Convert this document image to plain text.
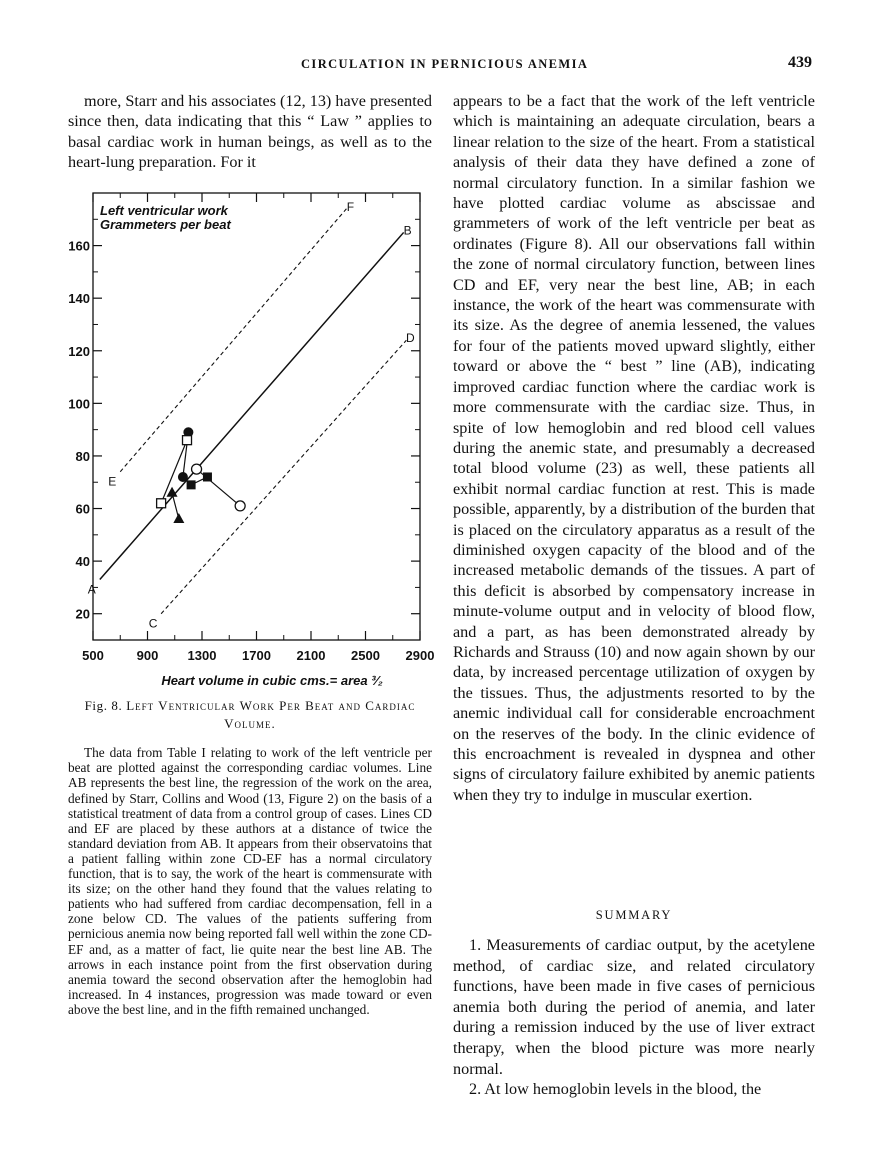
CIRCULATION IN PERNICIOUS ANEMIA	439

more, Starr and his associates (12, 13) have presented since then, data indicating that this “ Law ” applies to basal cardiac work in human beings, as well as to the heart-lung preparation. For it

500	900 1300 1700 2100 2500 2900
20
40
60
80
100
120
140
160
A
B
C
D
E
F
Left ventricular work
Grammeters per beat
Heart volume in cubic cms.= area ³⁄₂
Fig. 8. Left Ventricular Work Per Beat and Cardiac Volume.

The data from Table I relating to work of the left ventricle per beat are plotted against the corresponding cardiac volumes. Line AB represents the best line, the regression of the work on the area, defined by Starr, Collins and Wood (13, Figure 2) on the basis of a statistical treatment of data from a control group of cases. Lines CD and EF are placed by these authors at a distance of twice the standard deviation from AB. It appears from their observatoins that a patient falling within zone CD-EF has a normal circulatory function, that is to say, the work of the heart is commensurate with its size; on the other hand they found that the values relating to patients who had suffered from cardiac decompensation, fell in a zone below CD. The values of the patients suffering from pernicious anemia now being reported fall well within the zone CD-EF and, as a matter of fact, lie quite near the best line AB. The arrows in each instance point from the first observation during anemia toward the second observation after the hemoglobin had increased. In 4 instances, progression was made toward or even above the best line, and in the fifth remained unchanged.

appears to be a fact that the work of the left ventricle which is maintaining an adequate circulation, bears a linear relation to the size of the heart. From a statistical analysis of their data they have defined a zone of normal circulatory function. In a similar fashion we have plotted cardiac volume as abscissae and grammeters of work of the left ventricle per beat as ordinates (Figure 8). All our observations fall within the zone of normal circulatory function, between lines CD and EF, very near the best line, AB; in each instance, the work of the heart was commensurate with its size. As the degree of anemia lessened, the values for four of the patients moved upward slightly, either toward or above the “ best ” line (AB), indicating improved cardiac function where the cardiac work is more commensurate with the cardiac size. Thus, in spite of low hemoglobin and red blood cell values during the anemic state, and presumably a decreased total blood volume (23) as well, these patients all exhibit normal cardiac function at rest. This is made possible, apparently, by a distribution of the burden that is placed on the circulatory apparatus as a result of the diminished oxygen capacity of the blood and of the increased metabolic demands of the tissues. A part of this deficit is absorbed by compensatory increase in minute-volume output and in velocity of blood flow, and a part, as has been demonstrated already by Richards and Strauss (10) and now again shown by our data, by increased percentage utilization of oxygen by the tissues. Thus, the adjustments resorted to by the anemic individual call for considerable encroachment on the reserves of the body. In the clinic evidence of this encroachment is revealed in dyspnea and other signs of circulatory failure exhibited by anemic patients when they try to indulge in muscular exertion.

SUMMARY

1. Measurements of cardiac output, by the acetylene method, of cardiac size, and related circulatory functions, have been made in five cases of pernicious anemia both during the period of anemia, and later during a remission induced by the use of liver extract therapy, when the blood picture was more nearly normal.

2. At low hemoglobin levels in the blood, the
